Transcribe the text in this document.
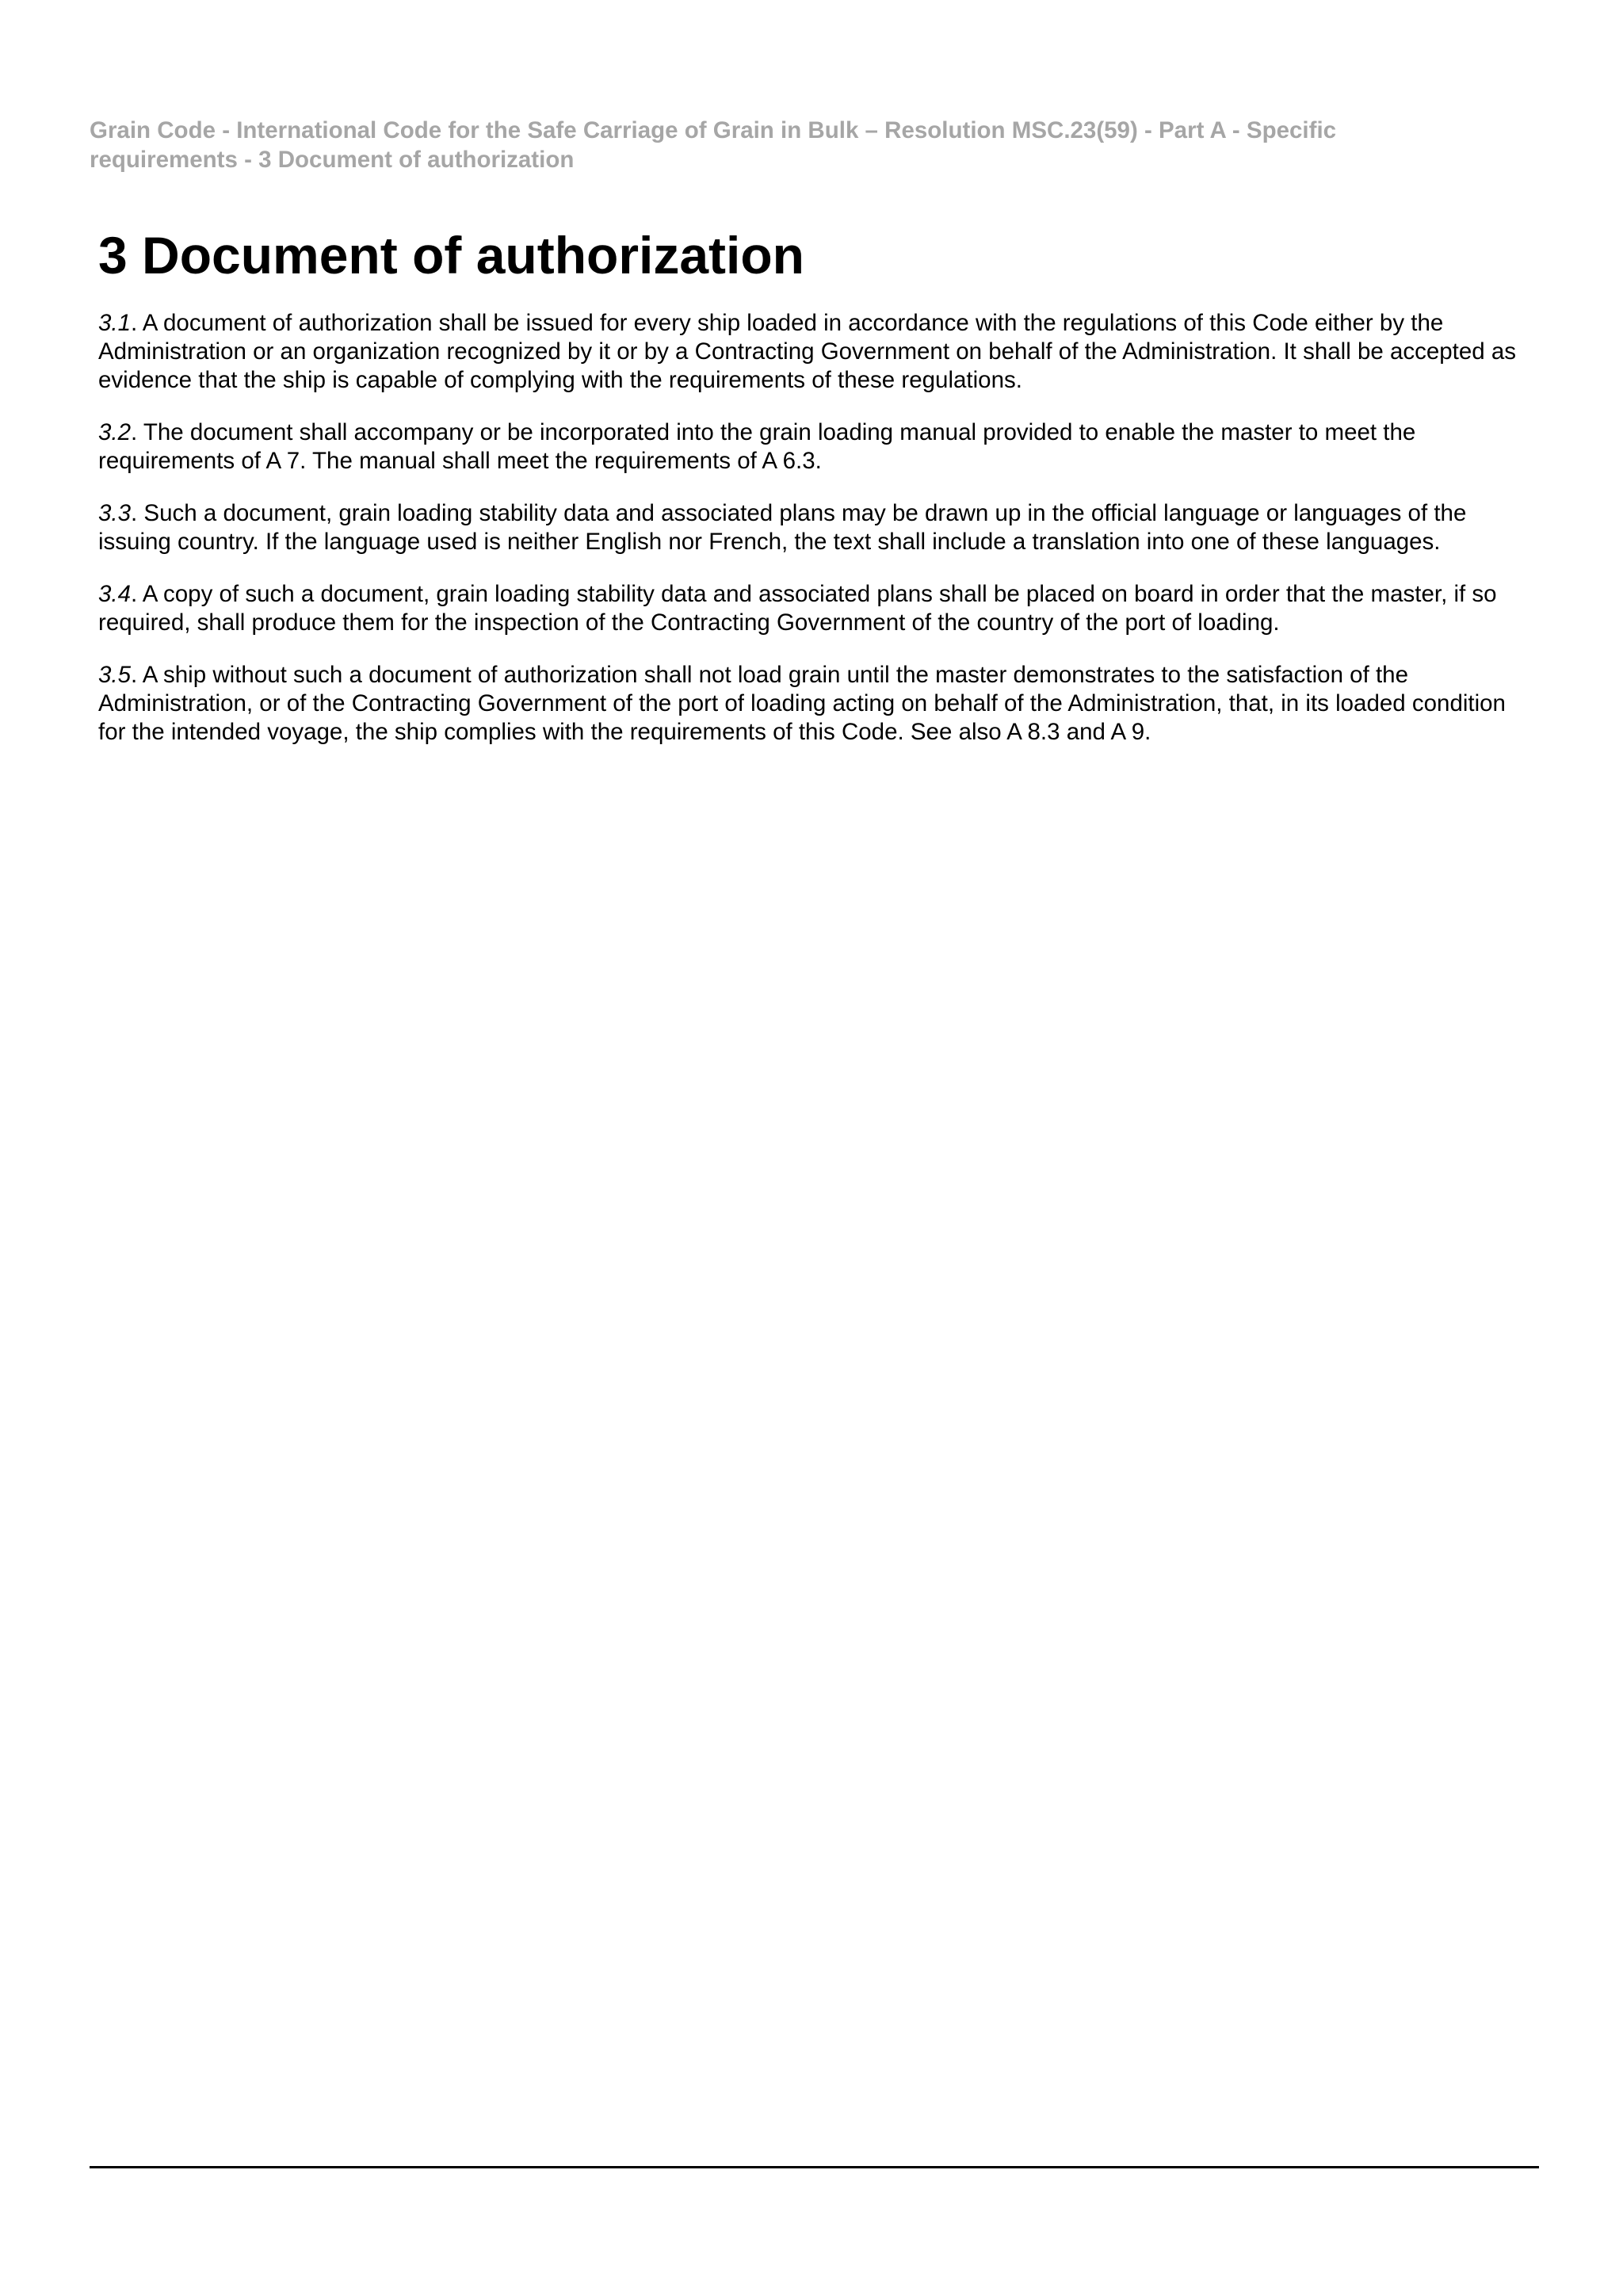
Grain Code - International Code for the Safe Carriage of Grain in Bulk – Resolution MSC.23(59) - Part A - Specific requirements - 3 Document of authorization
3 Document of authorization

3.1. A document of authorization shall be issued for every ship loaded in accordance with the regulations of this Code either by the Administration or an organization recognized by it or by a Contracting Government on behalf of the Administration. It shall be accepted as evidence that the ship is capable of complying with the requirements of these regulations.

3.2. The document shall accompany or be incorporated into the grain loading manual provided to enable the master to meet the requirements of A 7. The manual shall meet the requirements of A 6.3.

3.3. Such a document, grain loading stability data and associated plans may be drawn up in the official language or languages of the issuing country. If the language used is neither English nor French, the text shall include a translation into one of these languages.

3.4. A copy of such a document, grain loading stability data and associated plans shall be placed on board in order that the master, if so required, shall produce them for the inspection of the Contracting Government of the country of the port of loading.

3.5. A ship without such a document of authorization shall not load grain until the master demonstrates to the satisfaction of the Administration, or of the Contracting Government of the port of loading acting on behalf of the Administration, that, in its loaded condition for the intended voyage, the ship complies with the requirements of this Code. See also A 8.3 and A 9.
